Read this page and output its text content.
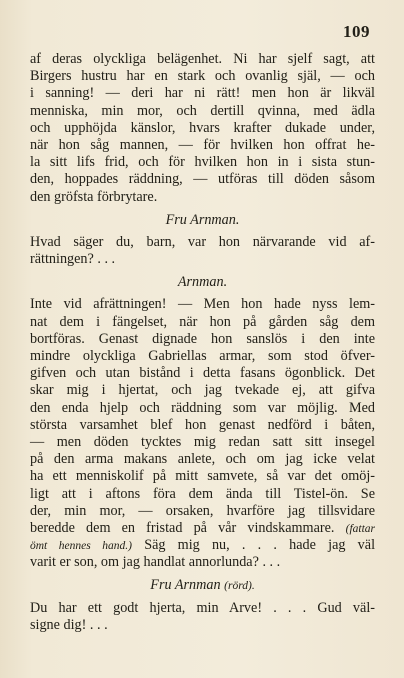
109
af deras olyckliga belägenhet. Ni har sjelf sagt, att
Birgers hustru har en stark och ovanlig själ, — och
i sanning! — deri har ni rätt! men hon är likväl
menniska, min mor, och dertill qvinna, med ädla
och upphöjda känslor, hvars krafter dukade under,
när hon såg mannen, — för hvilken hon offrat he-
la sitt lifs frid, och för hvilken hon in i sista stun-
den, hoppades räddning, — utföras till döden såsom
den gröfsta förbrytare.
Fru Arnman.
Hvad säger du, barn, var hon närvarande vid af-
rättningen? . . .
Arnman.
Inte vid afrättningen! — Men hon hade nyss lem-
nat dem i fängelset, när hon på gården såg dem
bortföras. Genast dignade hon sanslös i den inte
mindre olyckliga Gabriellas armar, som stod öfver-
gifven och utan bistånd i detta fasans ögonblick. Det
skar mig i hjertat, och jag tvekade ej, att gifva
den enda hjelp och räddning som var möjlig. Med
största varsamhet blef hon genast nedförd i båten,
— men döden tycktes mig redan satt sitt insegel
på den arma makans anlete, och om jag icke velat
ha ett menniskolif på mitt samvete, så var det omöj-
ligt att i aftons föra dem ända till Tistel-ön. Se
der, min mor, — orsaken, hvarföre jag tillsvidare
beredde dem en fristad på vår vindskammare. (fattar
ömt hennes hand.) Säg mig nu, . . . hade jag väl
varit er son, om jag handlat annorlunda? . . .
Fru Arnman (rörd).
Du har ett godt hjerta, min Arve! . . . Gud väl-
signe dig! . . .
